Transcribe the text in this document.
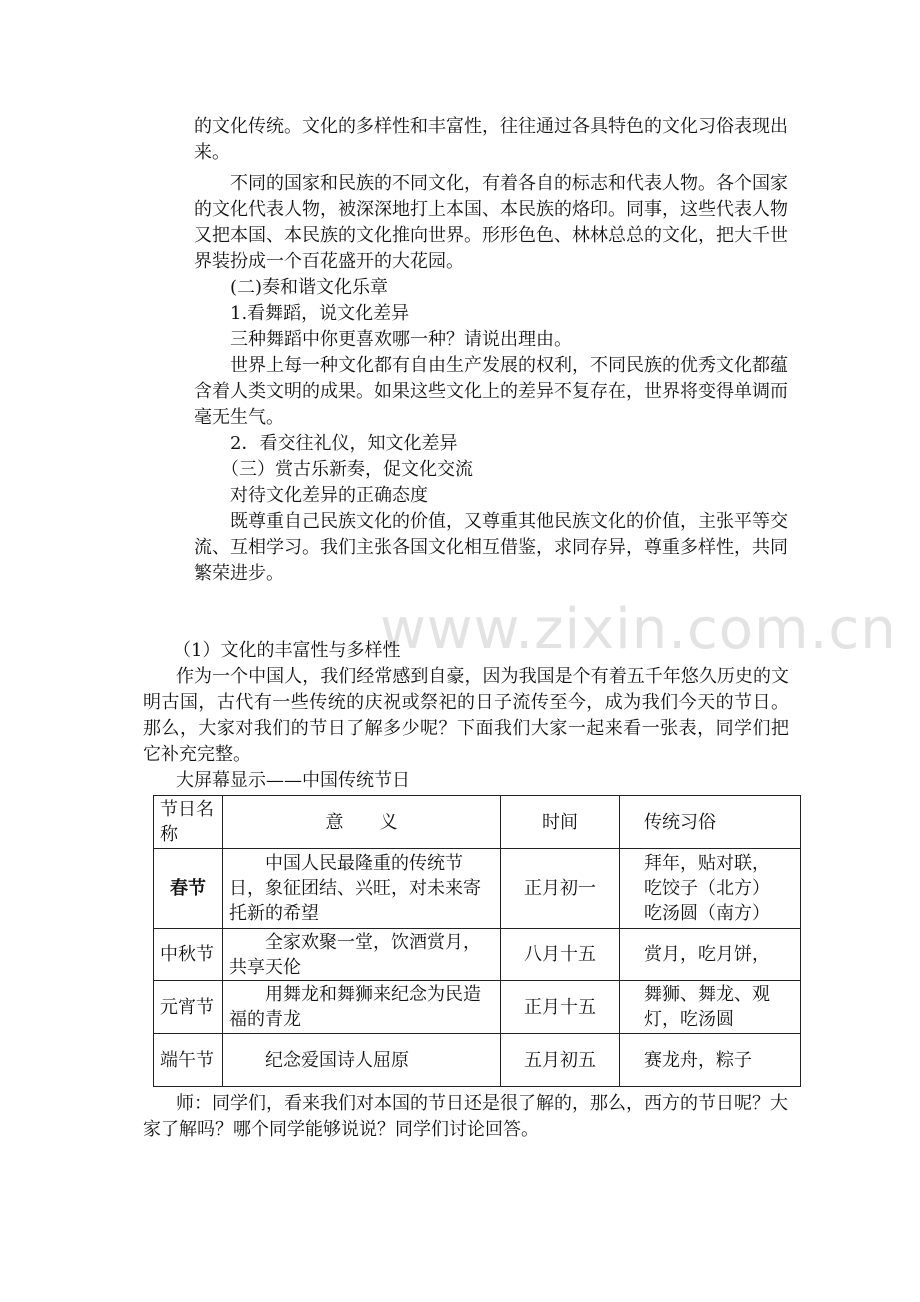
的文化传统。文化的多样性和丰富性，往往通过各具特色的文化习俗表现出来。

不同的国家和民族的不同文化，有着各自的标志和代表人物。各个国家的文化代表人物，被深深地打上本国、本民族的烙印。同事，这些代表人物又把本国、本民族的文化推向世界。形形色色、林林总总的文化，把大千世界装扮成一个百花盛开的大花园。

(二)奏和谐文化乐章

1.看舞蹈，说文化差异

三种舞蹈中你更喜欢哪一种？请说出理由。

世界上每一种文化都有自由生产发展的权利，不同民族的优秀文化都蕴含着人类文明的成果。如果这些文化上的差异不复存在，世界将变得单调而毫无生气。

2．看交往礼仪，知文化差异

（三）赏古乐新奏，促文化交流

对待文化差异的正确态度

既尊重自己民族文化的价值，又尊重其他民族文化的价值，主张平等交流、互相学习。我们主张各国文化相互借鉴，求同存异，尊重多样性，共同繁荣进步。

www.zixin.com.cn

（1）文化的丰富性与多样性

作为一个中国人，我们经常感到自豪，因为我国是个有着五千年悠久历史的文明古国，古代有一些传统的庆祝或祭祀的日子流传至今，成为我们今天的节日。那么，大家对我们的节日了解多少呢？下面我们大家一起来看一张表，同学们把它补充完整。

大屏幕显示——中国传统节日

节日名称	意　　义	时间	传统习俗
春节	中国人民最隆重的传统节日，象征团结、兴旺，对未来寄托新的希望	正月初一	拜年，贴对联，
吃饺子（北方）
吃汤圆（南方）

中秋节	全家欢聚一堂，饮酒赏月，共享天伦	八月十五	赏月，吃月饼，
元宵节	用舞龙和舞狮来纪念为民造福的青龙	正月十五	舞狮、舞龙、观灯，吃汤圆
端午节	纪念爱国诗人屈原	五月初五	赛龙舟，粽子

师：同学们，看来我们对本国的节日还是很了解的，那么，西方的节日呢？大家了解吗？哪个同学能够说说？同学们讨论回答。
